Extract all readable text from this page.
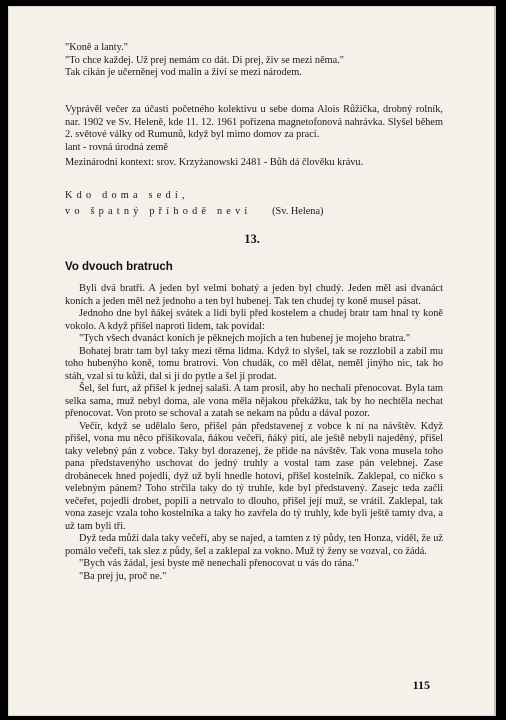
"Koně a lanty."

"To chce každej. Už prej nemám co dát. Di prej, živ se mezi něma."

Tak cikán je učerněnej vod malin a živí se mezi národem.

Vyprávěl večer za účasti početného kolektivu u sebe doma Alois Růžička, drobný rolník, nar. 1902 ve Sv. Heleně, kde 11. 12. 1961 pořízena magnetofonová nahrávka. Slyšel během 2. světové války od Rumunů, když byl mimo domov za prací.

lant - rovná úrodná země

Mezinárodní kontext: srov. Krzyżanowski 2481 - Bůh dá člověku krávu.

Kdo doma sedí,

vo špatný příhodě neví (Sv. Helena)

13.
Vo dvouch bratruch

Byli dvá bratři. A jeden byl velmi bohatý a jeden byl chudý. Jeden měl asi dvanáct koních a jeden měl než jednoho a ten byl hubenej. Tak ten chudej ty koně musel pásat.

Jednoho dne byl ňákej svátek a lidi byli před kostelem a chudej bratr tam hnal ty koně vokolo. A když přišel naproti lidem, tak povídal:

"Tych všech dvanáct koních je pěknejch mojích a ten hubenej je mojeho bratra."

Bohatej bratr tam byl taky mezi těma lidma. Když to slyšel, tak se rozzlobil a zabil mu toho hubenýho koně, tomu bratrovi. Von chudák, co měl dělat, neměl jinýho nic, tak ho stáh, vzal si tu kůži, dal si jí do pytle a šel jí prodat.

Šel, šel furt, až přišel k jednej salaši. A tam prosil, aby ho nechali přenocovat. Byla tam selka sama, muž nebyl doma, ale vona měla nějakou překážku, tak by ho nechtěla nechat přenocovat. Von proto se schoval a zatah se nekam na půdu a dával pozor.

Večír, když se udělalo šero, přišel pán představenej z vobce k ní na návštěv. Když přišel, vona mu něco přišikovala, ňákou večeři, ňáký pití, ale ještě nebyli najeděný, přišel taky velebný pán z vobce. Taky byl dorazenej, že přide na návštěv. Tak vona musela toho pana představenýho uschovat do jedný truhly a vostal tam zase pán velebnej. Zase drobánecek hned pojedli, dyž už byli hnedle hotovi, přišel kostelník. Zaklepal, co ničko s velebným pánem? Toho strčila taky do tý truhle, kde byl představený. Zasejc teda začli večeřet, pojedli drobet, popili a netrvalo to dlouho, přišel její muž, se vrátil. Zaklepal, tak vona zasejc vzala toho kostelníka a taky ho zavřela do tý truhly, kde byli ještě tamty dva, a už tam byli tři.

Dyž teda můži dala taky večeři, aby se najed, a tamten z tý půdy, ten Honza, viděl, že už pomálo večeří, tak slez z půdy, šel a zaklepal za vokno. Muž tý ženy se vozval, co žádá.

"Bych vás žádal, jesi byste mě nenechali přenocovat u vás do rána."

"Ba prej ju, proč ne."

115
